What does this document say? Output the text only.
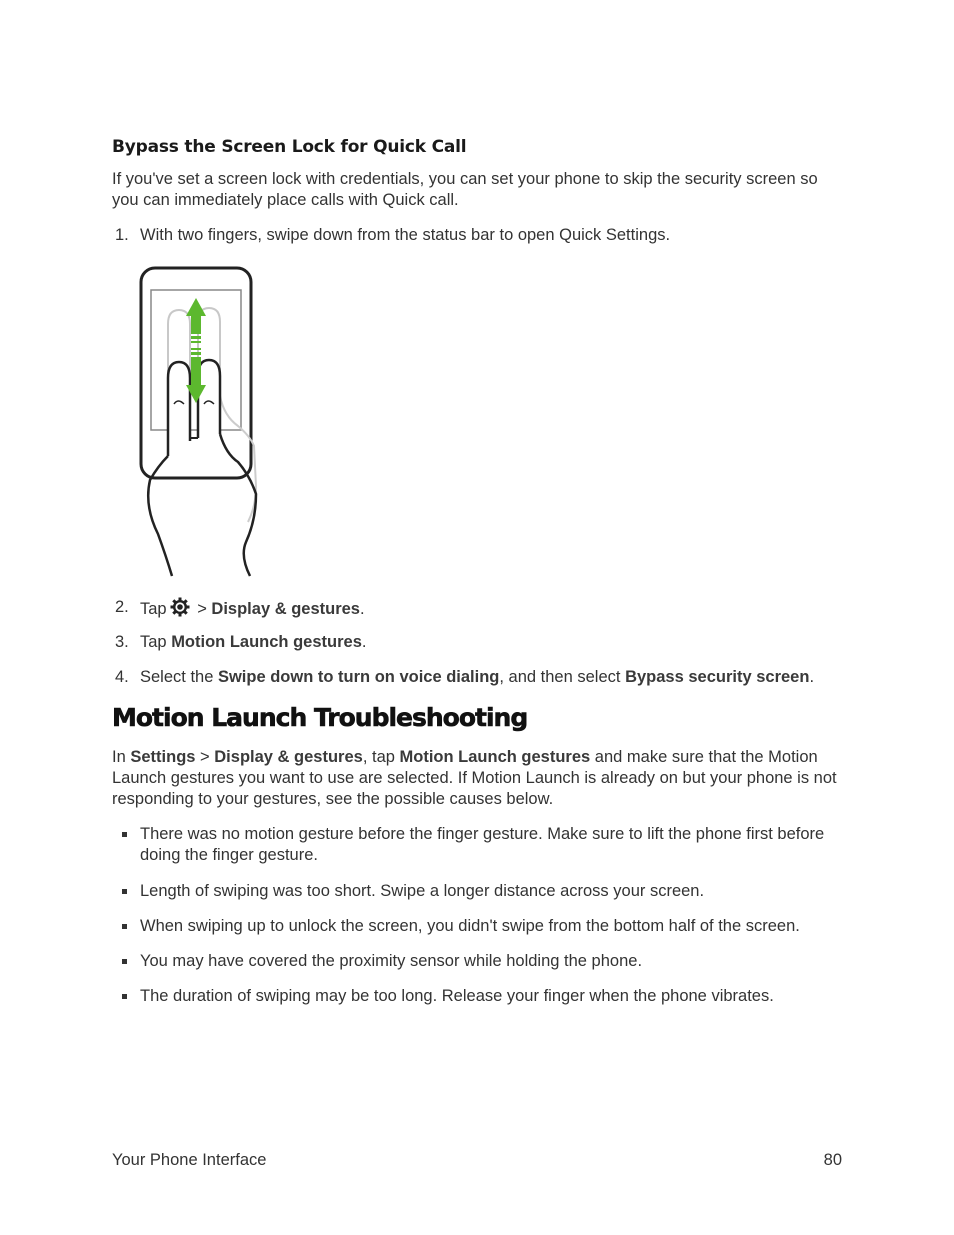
Bypass the Screen Lock for Quick Call

If you've set a screen lock with credentials, you can set your phone to skip the security screen so you can immediately place calls with Quick call.

1. With two fingers, swipe down from the status bar to open Quick Settings.
2. Tap > Display & gestures.
3. Tap Motion Launch gestures.
4. Select the Swipe down to turn on voice dialing, and then select Bypass security screen.
Motion Launch Troubleshooting

In Settings > Display & gestures, tap Motion Launch gestures and make sure that the Motion Launch gestures you want to use are selected. If Motion Launch is already on but your phone is not responding to your gestures, see the possible causes below.

There was no motion gesture before the finger gesture. Make sure to lift the phone first before doing the finger gesture.
Length of swiping was too short. Swipe a longer distance across your screen.
When swiping up to unlock the screen, you didn't swipe from the bottom half of the screen.
You may have covered the proximity sensor while holding the phone.
The duration of swiping may be too long. Release your finger when the phone vibrates.
Your Phone Interface	80
